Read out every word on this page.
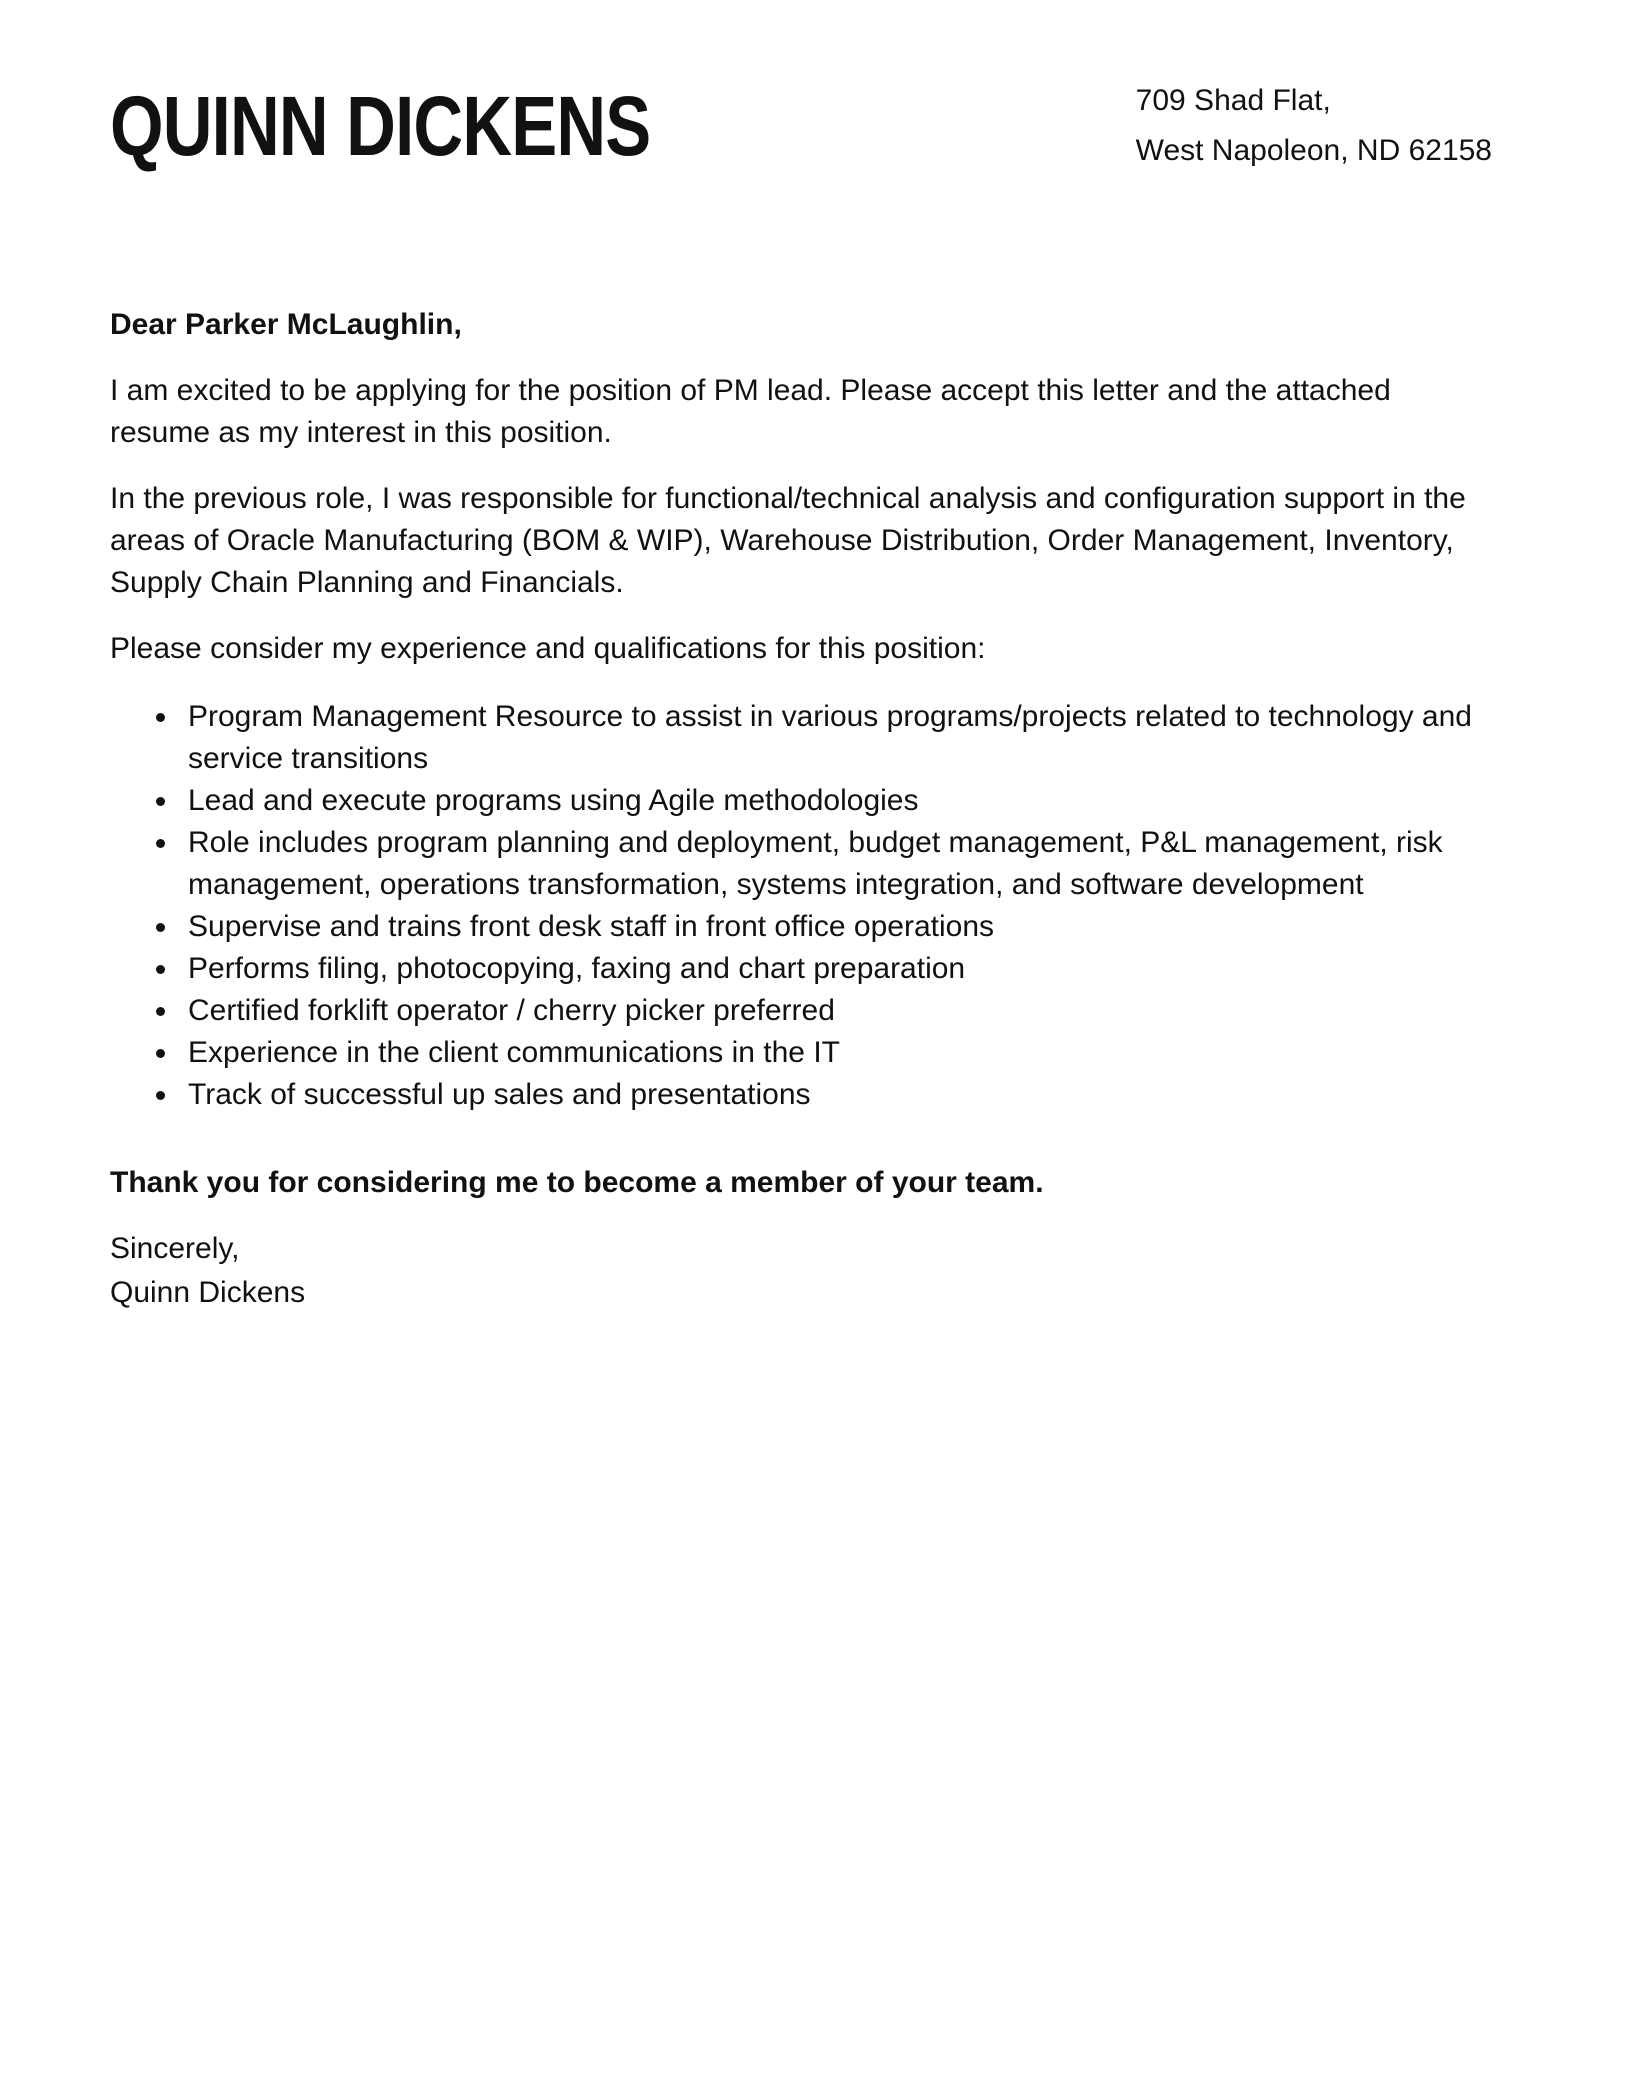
QUINN DICKENS	709 Shad Flat,
West Napoleon, ND 62158

Dear Parker McLaughlin,

I am excited to be applying for the position of PM lead. Please accept this letter and the attached resume as my interest in this position.

In the previous role, I was responsible for functional/technical analysis and configuration support in the areas of Oracle Manufacturing (BOM & WIP), Warehouse Distribution, Order Management, Inventory, Supply Chain Planning and Financials.

Please consider my experience and qualifications for this position:

• Program Management Resource to assist in various programs/projects related to technology and service transitions
• Lead and execute programs using Agile methodologies
• Role includes program planning and deployment, budget management, P&L management, risk management, operations transformation, systems integration, and software development
• Supervise and trains front desk staff in front office operations
• Performs filing, photocopying, faxing and chart preparation
• Certified forklift operator / cherry picker preferred
• Experience in the client communications in the IT
• Track of successful up sales and presentations

Thank you for considering me to become a member of your team.

Sincerely,

Quinn Dickens
